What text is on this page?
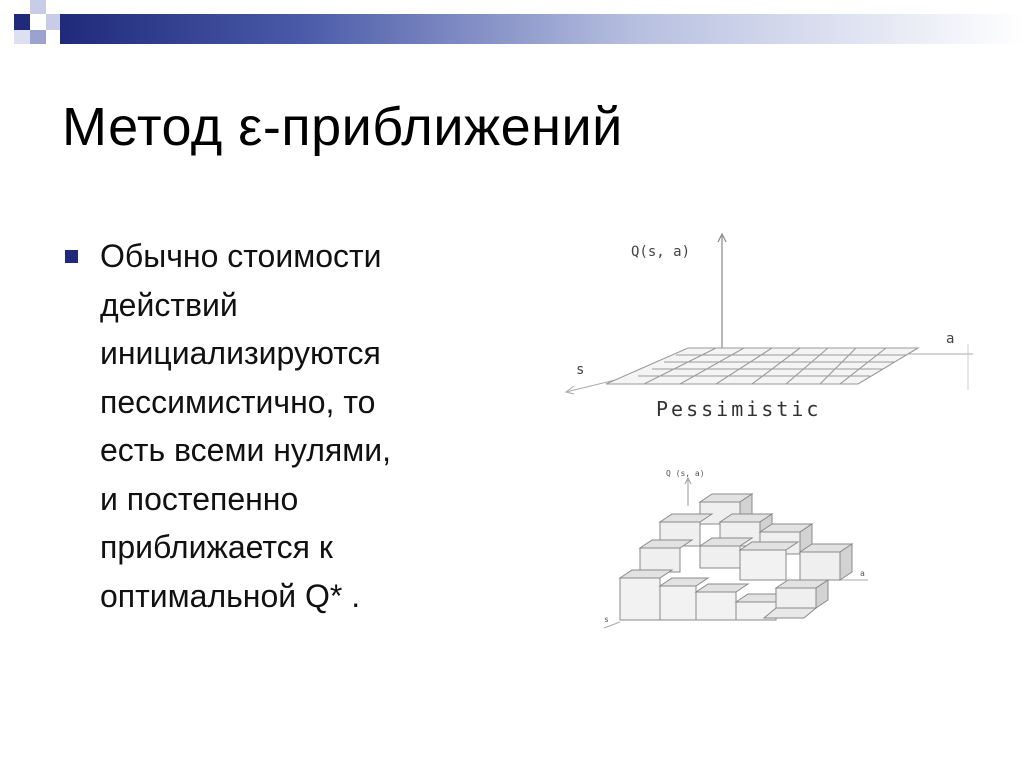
Метод ε-приближений

Обычно стоимости
действий
инициализируются
пессимистично, то
есть всеми нулями,
и постепенно
приближается к
оптимальной Q* .

Q(s, a)
a
s
Pessimistic
Q (s, a)
a
s
